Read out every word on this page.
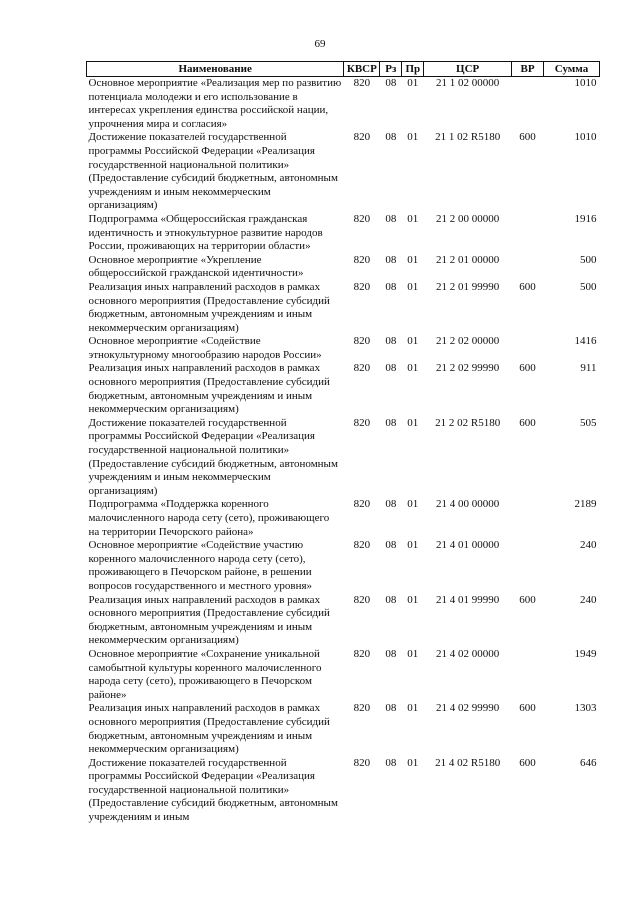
69
Наименование	КВСР	Рз	Пр	ЦСР	ВР	Сумма
Основное мероприятие «Реализация мер по развитию потенциала молодежи и его использование в интересах укрепления единства российской нации, упрочнения мира и согласия»	820	08	01	21 1 02 00000		1010
Достижение показателей государственной программы Российской Федерации «Реализация государственной национальной политики» (Предоставление субсидий бюджетным, автономным учреждениям и иным некоммерческим организациям)	820	08	01	21 1 02 R5180	600	1010
Подпрограмма «Общероссийская гражданская идентичность и этнокультурное развитие народов России, проживающих на территории области»	820	08	01	21 2 00 00000		1916
Основное мероприятие «Укрепление общероссийской гражданской идентичности»	820	08	01	21 2 01 00000		500
Реализация иных направлений расходов в рамках основного мероприятия (Предоставление субсидий бюджетным, автономным учреждениям и иным некоммерческим организациям)	820	08	01	21 2 01 99990	600	500
Основное мероприятие «Содействие этнокультурному многообразию народов России»	820	08	01	21 2 02 00000		1416
Реализация иных направлений расходов в рамках основного мероприятия (Предоставление субсидий бюджетным, автономным учреждениям и иным некоммерческим организациям)	820	08	01	21 2 02 99990	600	911
Достижение показателей государственной программы Российской Федерации «Реализация государственной национальной политики» (Предоставление субсидий бюджетным, автономным учреждениям и иным некоммерческим организациям)	820	08	01	21 2 02 R5180	600	505
Подпрограмма «Поддержка коренного малочисленного народа сету (сето), проживающего на территории Печорского района»	820	08	01	21 4 00 00000		2189
Основное мероприятие «Содействие участию коренного малочисленного народа сету (сето), проживающего в Печорском районе, в решении вопросов государственного и местного уровня»	820	08	01	21 4 01 00000		240
Реализация иных направлений расходов в рамках основного мероприятия (Предоставление субсидий бюджетным, автономным учреждениям и иным некоммерческим организациям)	820	08	01	21 4 01 99990	600	240
Основное мероприятие «Сохранение уникальной самобытной культуры коренного малочисленного народа сету (сето), проживающего в Печорском районе»	820	08	01	21 4 02 00000		1949
Реализация иных направлений расходов в рамках основного мероприятия (Предоставление субсидий бюджетным, автономным учреждениям и иным некоммерческим организациям)	820	08	01	21 4 02 99990	600	1303
Достижение показателей государственной программы Российской Федерации «Реализация государственной национальной политики» (Предоставление субсидий бюджетным, автономным учреждениям и иным	820	08	01	21 4 02 R5180	600	646
